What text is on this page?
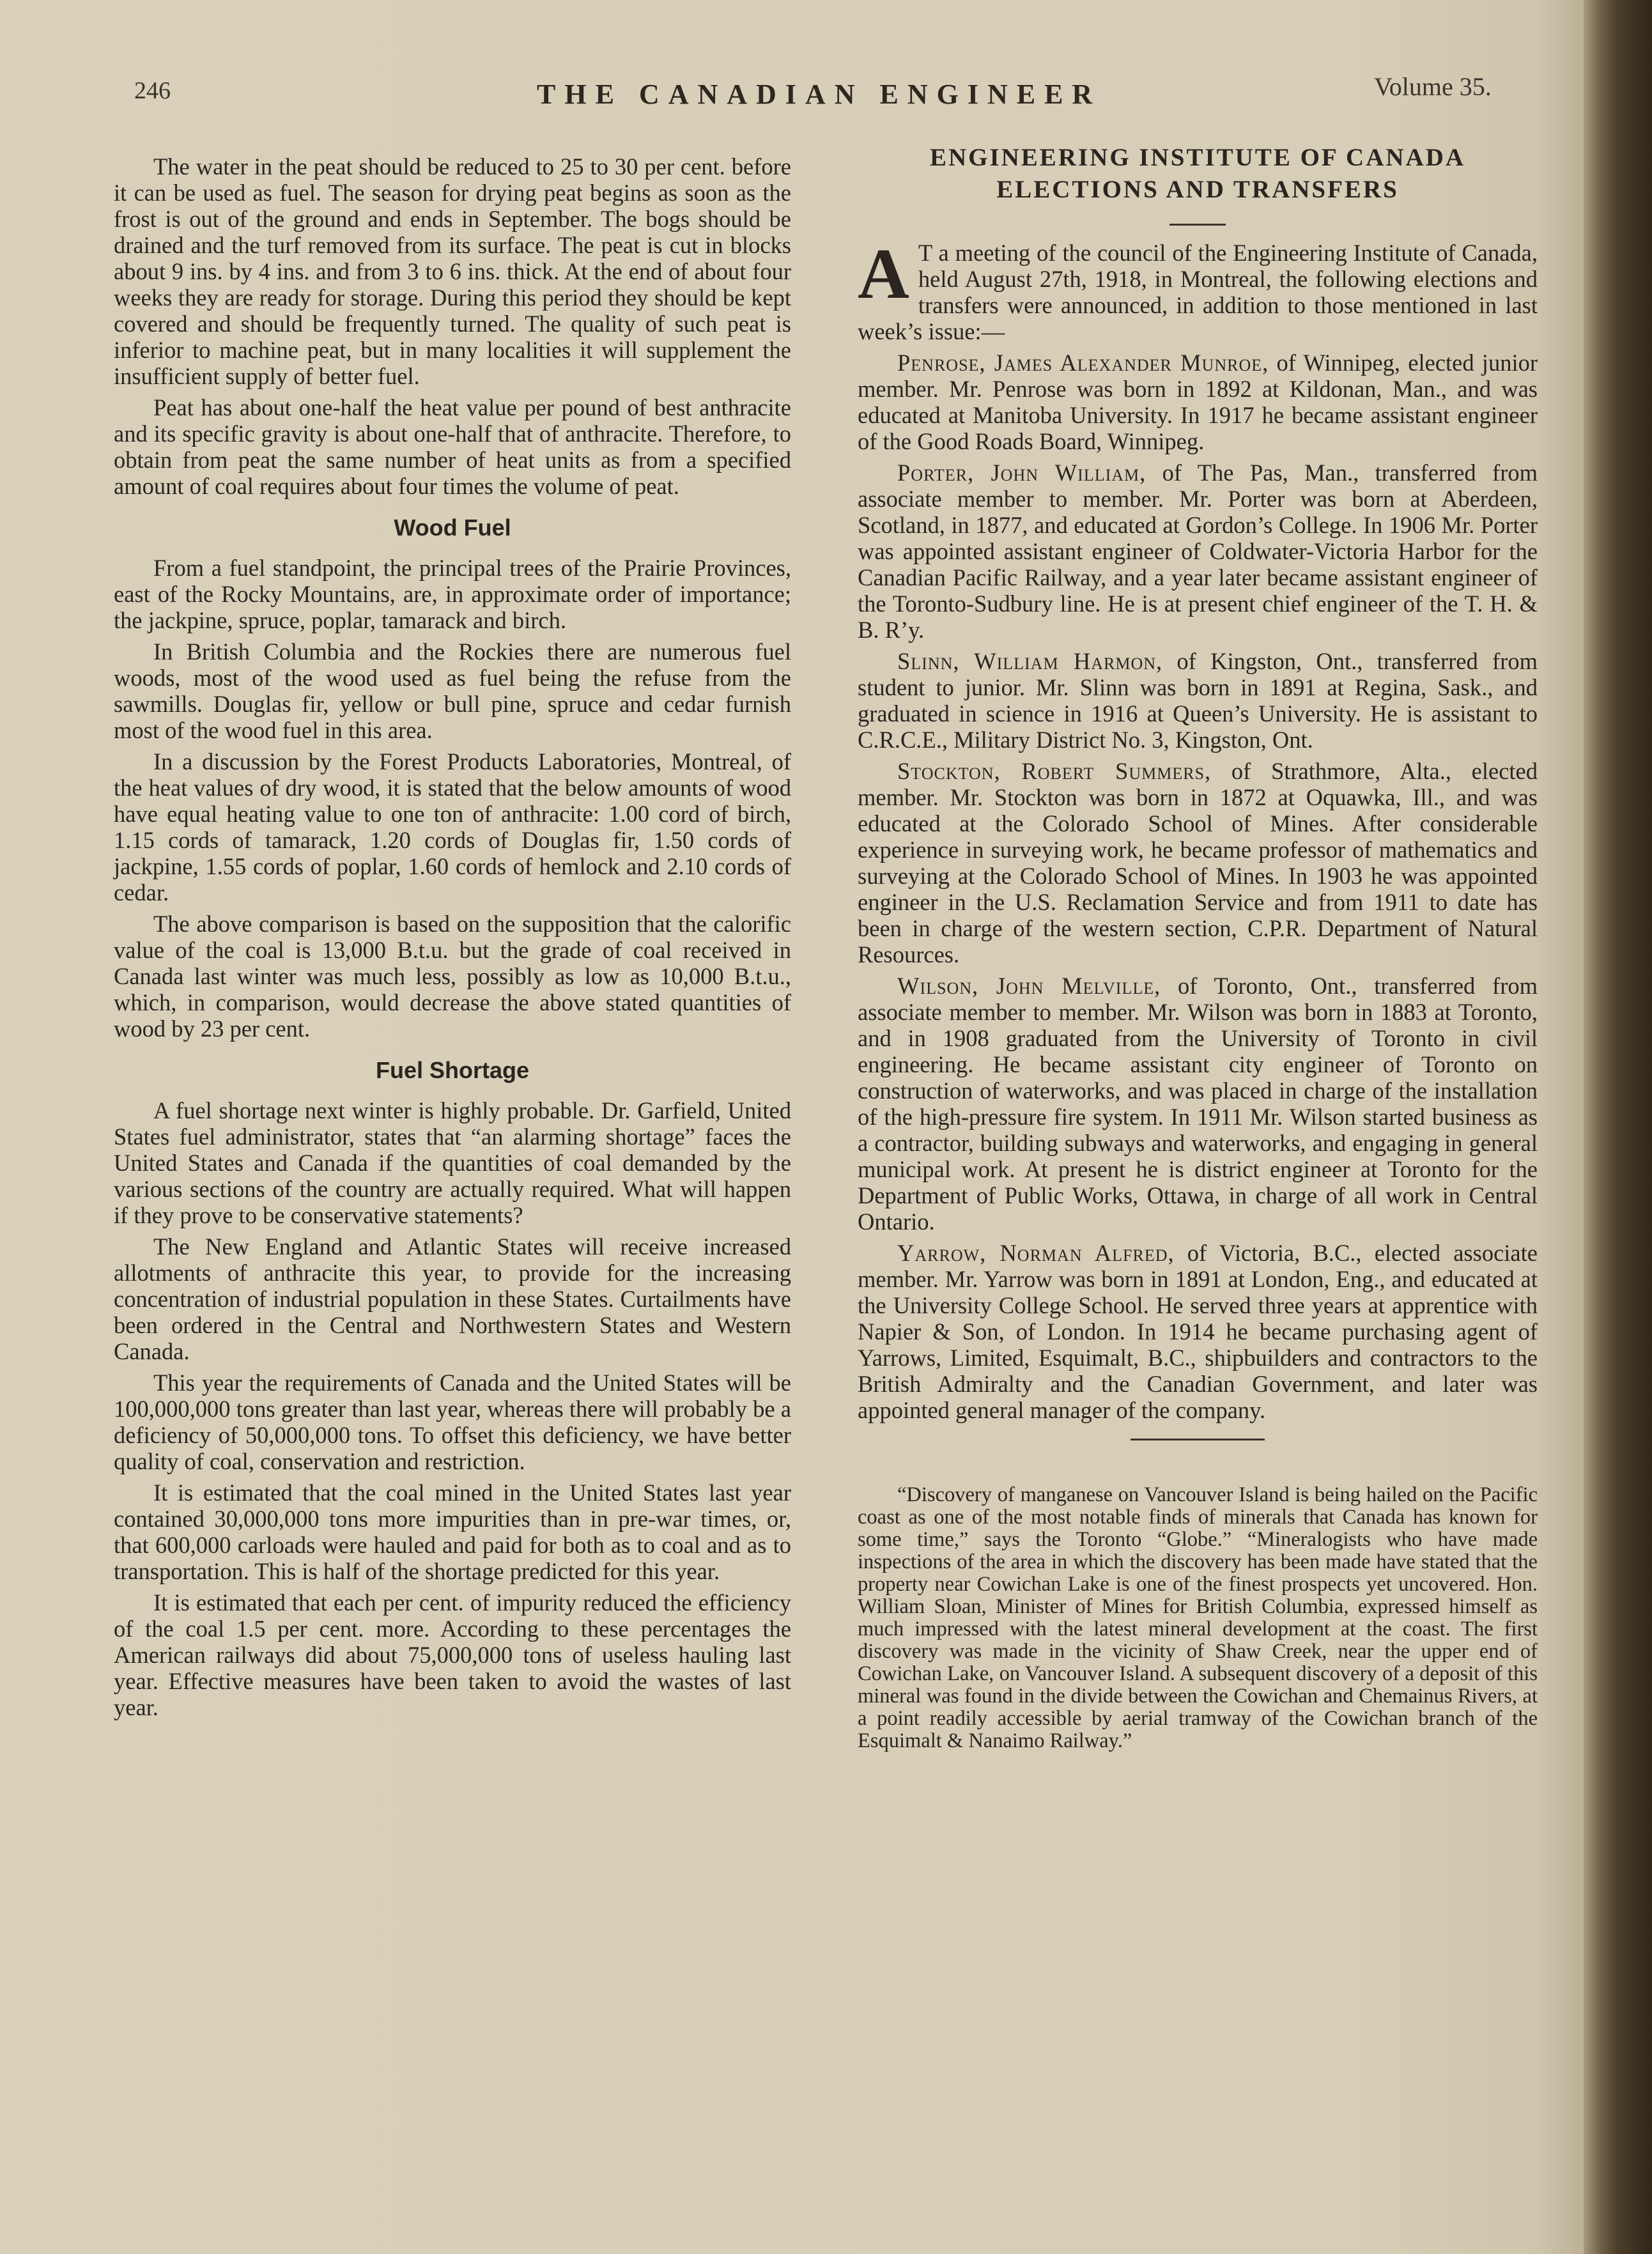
246	THE CANADIAN ENGINEER	Volume 35.

The water in the peat should be reduced to 25 to 30 per cent. before it can be used as fuel. The season for drying peat begins as soon as the frost is out of the ground and ends in September. The bogs should be drained and the turf removed from its surface. The peat is cut in blocks about 9 ins. by 4 ins. and from 3 to 6 ins. thick. At the end of about four weeks they are ready for storage. During this period they should be kept covered and should be frequently turned. The quality of such peat is inferior to machine peat, but in many localities it will supplement the insufficient supply of better fuel.

Peat has about one-half the heat value per pound of best anthracite and its specific gravity is about one-half that of anthracite. Therefore, to obtain from peat the same number of heat units as from a specified amount of coal requires about four times the volume of peat.

Wood Fuel

From a fuel standpoint, the principal trees of the Prairie Provinces, east of the Rocky Mountains, are, in approximate order of importance; the jackpine, spruce, poplar, tamarack and birch.

In British Columbia and the Rockies there are numerous fuel woods, most of the wood used as fuel being the refuse from the sawmills. Douglas fir, yellow or bull pine, spruce and cedar furnish most of the wood fuel in this area.

In a discussion by the Forest Products Laboratories, Montreal, of the heat values of dry wood, it is stated that the below amounts of wood have equal heating value to one ton of anthracite: 1.00 cord of birch, 1.15 cords of tamarack, 1.20 cords of Douglas fir, 1.50 cords of jackpine, 1.55 cords of poplar, 1.60 cords of hemlock and 2.10 cords of cedar.

The above comparison is based on the supposition that the calorific value of the coal is 13,000 B.t.u. but the grade of coal received in Canada last winter was much less, possibly as low as 10,000 B.t.u., which, in comparison, would decrease the above stated quantities of wood by 23 per cent.

Fuel Shortage

A fuel shortage next winter is highly probable. Dr. Garfield, United States fuel administrator, states that “an alarming shortage” faces the United States and Canada if the quantities of coal demanded by the various sections of the country are actually required. What will happen if they prove to be conservative statements?

The New England and Atlantic States will receive increased allotments of anthracite this year, to provide for the increasing concentration of industrial population in these States. Curtailments have been ordered in the Central and Northwestern States and Western Canada.

This year the requirements of Canada and the United States will be 100,000,000 tons greater than last year, whereas there will probably be a deficiency of 50,000,000 tons. To offset this deficiency, we have better quality of coal, conservation and restriction.

It is estimated that the coal mined in the United States last year contained 30,000,000 tons more impurities than in pre-war times, or, that 600,000 carloads were hauled and paid for both as to coal and as to transportation. This is half of the shortage predicted for this year.

It is estimated that each per cent. of impurity reduced the efficiency of the coal 1.5 per cent. more. According to these percentages the American railways did about 75,000,000 tons of useless hauling last year. Effective measures have been taken to avoid the wastes of last year.

ENGINEERING INSTITUTE OF CANADA
ELECTIONS AND TRANSFERS

A T a meeting of the council of the Engineering Institute of Canada, held August 27th, 1918, in Montreal, the following elections and transfers were announced, in addition to those mentioned in last week’s issue:—

Penrose, James Alexander Munroe, of Winnipeg, elected junior member. Mr. Penrose was born in 1892 at Kildonan, Man., and was educated at Manitoba University. In 1917 he became assistant engineer of the Good Roads Board, Winnipeg.

Porter, John William, of The Pas, Man., transferred from associate member to member. Mr. Porter was born at Aberdeen, Scotland, in 1877, and educated at Gordon’s College. In 1906 Mr. Porter was appointed assistant engineer of Coldwater-Victoria Harbor for the Canadian Pacific Railway, and a year later became assistant engineer of the Toronto-Sudbury line. He is at present chief engineer of the T. H. & B. R’y.

Slinn, William Harmon, of Kingston, Ont., transferred from student to junior. Mr. Slinn was born in 1891 at Regina, Sask., and graduated in science in 1916 at Queen’s University. He is assistant to C.R.C.E., Military District No. 3, Kingston, Ont.

Stockton, Robert Summers, of Strathmore, Alta., elected member. Mr. Stockton was born in 1872 at Oquawka, Ill., and was educated at the Colorado School of Mines. After considerable experience in surveying work, he became professor of mathematics and surveying at the Colorado School of Mines. In 1903 he was appointed engineer in the U.S. Reclamation Service and from 1911 to date has been in charge of the western section, C.P.R. Department of Natural Resources.

Wilson, John Melville, of Toronto, Ont., transferred from associate member to member. Mr. Wilson was born in 1883 at Toronto, and in 1908 graduated from the University of Toronto in civil engineering. He became assistant city engineer of Toronto on construction of waterworks, and was placed in charge of the installation of the high-pressure fire system. In 1911 Mr. Wilson started business as a contractor, building subways and waterworks, and engaging in general municipal work. At present he is district engineer at Toronto for the Department of Public Works, Ottawa, in charge of all work in Central Ontario.

Yarrow, Norman Alfred, of Victoria, B.C., elected associate member. Mr. Yarrow was born in 1891 at London, Eng., and educated at the University College School. He served three years at apprentice with Napier & Son, of London. In 1914 he became purchasing agent of Yarrows, Limited, Esquimalt, B.C., shipbuilders and contractors to the British Admiralty and the Canadian Government, and later was appointed general manager of the company.

“Discovery of manganese on Vancouver Island is being hailed on the Pacific coast as one of the most notable finds of minerals that Canada has known for some time,” says the Toronto “Globe.” “Mineralogists who have made inspections of the area in which the discovery has been made have stated that the property near Cowichan Lake is one of the finest prospects yet uncovered. Hon. William Sloan, Minister of Mines for British Columbia, expressed himself as much impressed with the latest mineral development at the coast. The first discovery was made in the vicinity of Shaw Creek, near the upper end of Cowichan Lake, on Vancouver Island. A subsequent discovery of a deposit of this mineral was found in the divide between the Cowichan and Chemainus Rivers, at a point readily accessible by aerial tramway of the Cowichan branch of the Esquimalt & Nanaimo Railway.”
